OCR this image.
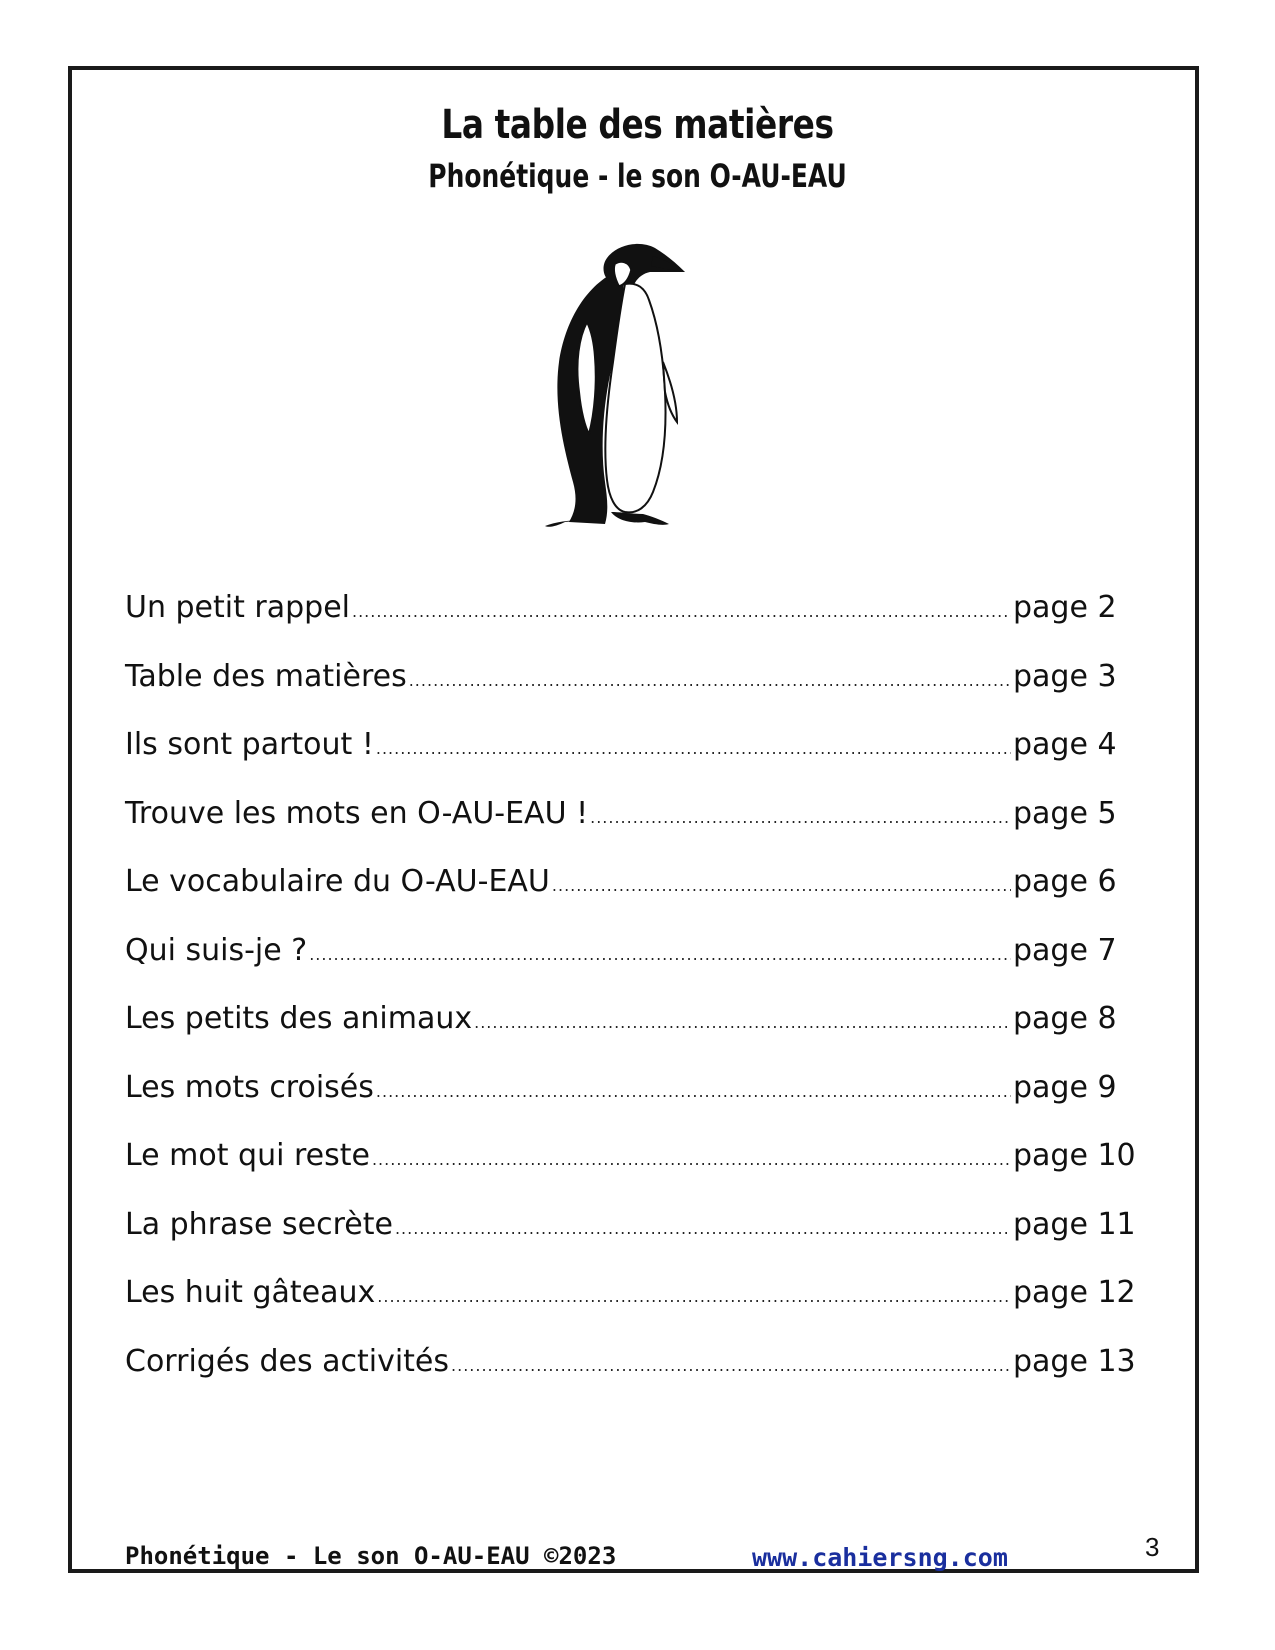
La table des matières
Phonétique - le son O-AU-EAU
Un petit rappel .....	page 2
Table des matières .....	page 3
Ils sont partout ! .....	page 4
Trouve les mots en O-AU-EAU ! .....	page 5
Le vocabulaire du O-AU-EAU .....	page 6
Qui suis-je ? .....	page 7
Les petits des animaux .....	page 8
Les mots croisés .....	page 9
Le mot qui reste .....	page 10
La phrase secrète .....	page 11
Les huit gâteaux .....	page 12
Corrigés des activités .....	page 13
Phonétique - Le son O-AU-EAU ©2023	www.cahiersng.com	3
